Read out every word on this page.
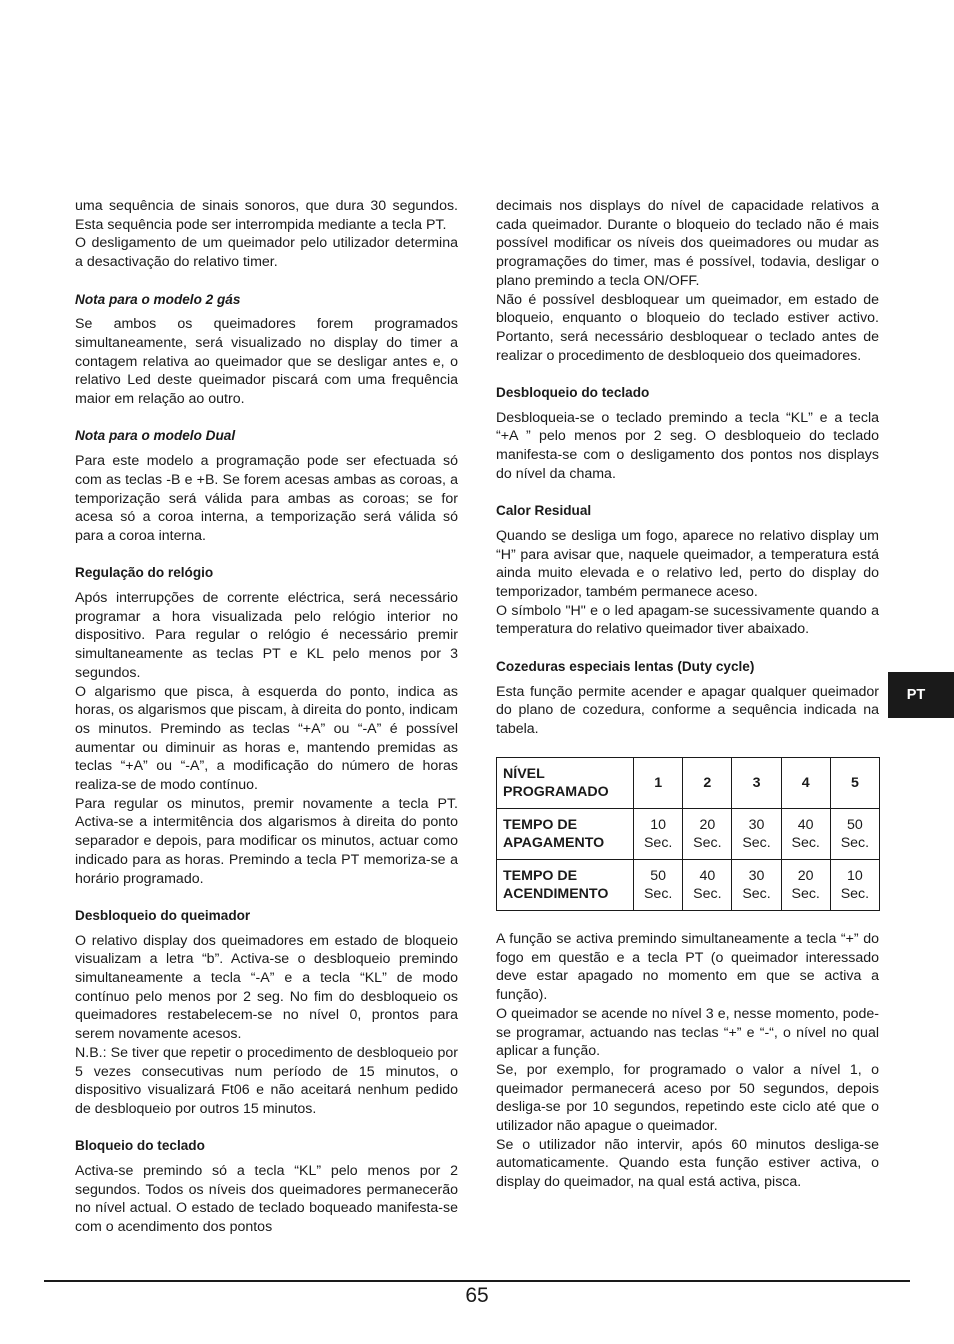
uma sequência de sinais sonoros, que dura 30 segundos. Esta sequência pode ser interrompida mediante a tecla PT.

O desligamento de um queimador pelo utilizador determina a desactivação do relativo timer.

Nota para o modelo 2 gás

Se ambos os queimadores forem programados simultaneamente, será visualizado no display do timer a contagem relativa ao queimador que se desligar antes e, o relativo Led deste queimador piscará com uma frequência maior em relação ao outro.

Nota para o modelo Dual

Para este modelo a programação pode ser efectuada só com as teclas -B e +B. Se forem acesas ambas as coroas, a temporização será válida para ambas as coroas; se for acesa só a coroa interna, a temporização será válida só para a coroa interna.

Regulação do relógio

Após interrupções de corrente eléctrica, será necessário programar a hora visualizada pelo relógio interior no dispositivo. Para regular o relógio é necessário premir simultaneamente as teclas PT e KL pelo menos por 3 segundos.

O algarismo que pisca, à esquerda do ponto, indica as horas, os algarismos que piscam, à direita do ponto, indicam os minutos. Premindo as teclas “+A” ou “-A” é possível aumentar ou diminuir as horas e, mantendo premidas as teclas “+A” ou “-A”, a modificação do número de horas realiza-se de modo contínuo.

Para regular os minutos, premir novamente a tecla PT. Activa-se a intermitência dos algarismos à direita do ponto separador e depois, para modificar os minutos, actuar como indicado para as horas. Premindo a tecla PT memoriza-se a horário programado.

Desbloqueio do queimador

O relativo display dos queimadores em estado de bloqueio visualizam a letra “b”. Activa-se o desbloqueio premindo simultaneamente a tecla “-A” e a tecla “KL” de modo contínuo pelo menos por 2 seg. No fim do desbloqueio os queimadores restabelecem-se no nível 0, prontos para serem novamente acesos.

N.B.: Se tiver que repetir o procedimento de desbloqueio por 5 vezes consecutivas num período de 15 minutos, o dispositivo visualizará Ft06 e não aceitará nenhum pedido de desbloqueio por outros 15 minutos.

Bloqueio do teclado

Activa-se premindo só a tecla “KL” pelo menos por 2 segundos. Todos os níveis dos queimadores permanecerão no nível actual. O estado de teclado boqueado manifesta-se com o acendimento dos pontos

decimais nos displays do nível de capacidade relativos a cada queimador. Durante o bloqueio do teclado não é mais possível modificar os níveis dos queimadores ou mudar as programações do timer, mas é possível, todavia, desligar o plano premindo a tecla ON/OFF.

Não é possível desbloquear um queimador, em estado de bloqueio, enquanto o bloqueio do teclado estiver activo. Portanto, será necessário desbloquear o teclado antes de realizar o procedimento de desbloqueio dos queimadores.

Desbloqueio do teclado

Desbloqueia-se o teclado premindo a tecla “KL” e a tecla “+A ” pelo menos por 2 seg. O desbloqueio do teclado manifesta-se com o desligamento dos pontos nos displays do nível da chama.

Calor Residual

Quando se desliga um fogo, aparece no relativo display um “H” para avisar que, naquele queimador, a temperatura está ainda muito elevada e o relativo led, perto do display do temporizador, também permanece aceso.

O símbolo "H" e o led apagam-se sucessivamente quando a temperatura do relativo queimador tiver abaixado.

Cozeduras especiais lentas (Duty cycle)

Esta função permite acender e apagar qualquer queimador do plano de cozedura, conforme a sequência indicada na tabela.

NÍVEL PROGRAMADO	1	2	3	4	5
TEMPO DE APAGAMENTO	10 Sec.	20 Sec.	30 Sec.	40 Sec.	50 Sec.
TEMPO DE ACENDIMENTO	50 Sec.	40 Sec.	30 Sec.	20 Sec.	10 Sec.

A função se activa premindo simultaneamente a tecla “+” do fogo em questão e a tecla PT (o queimador interessado deve estar apagado no momento em que se activa a função).

O queimador se acende no nível 3 e, nesse momento, pode-se programar, actuando nas teclas “+” e “-“, o nível no qual aplicar a função.

Se, por exemplo, for programado o valor a nível 1, o queimador permanecerá aceso por 50 segundos, depois desliga-se por 10 segundos, repetindo este ciclo até que o utilizador não apague o queimador.

Se o utilizador não intervir, após 60 minutos desliga-se automaticamente. Quando esta função estiver activa, o display do queimador, na qual está activa, pisca.

PT
65
